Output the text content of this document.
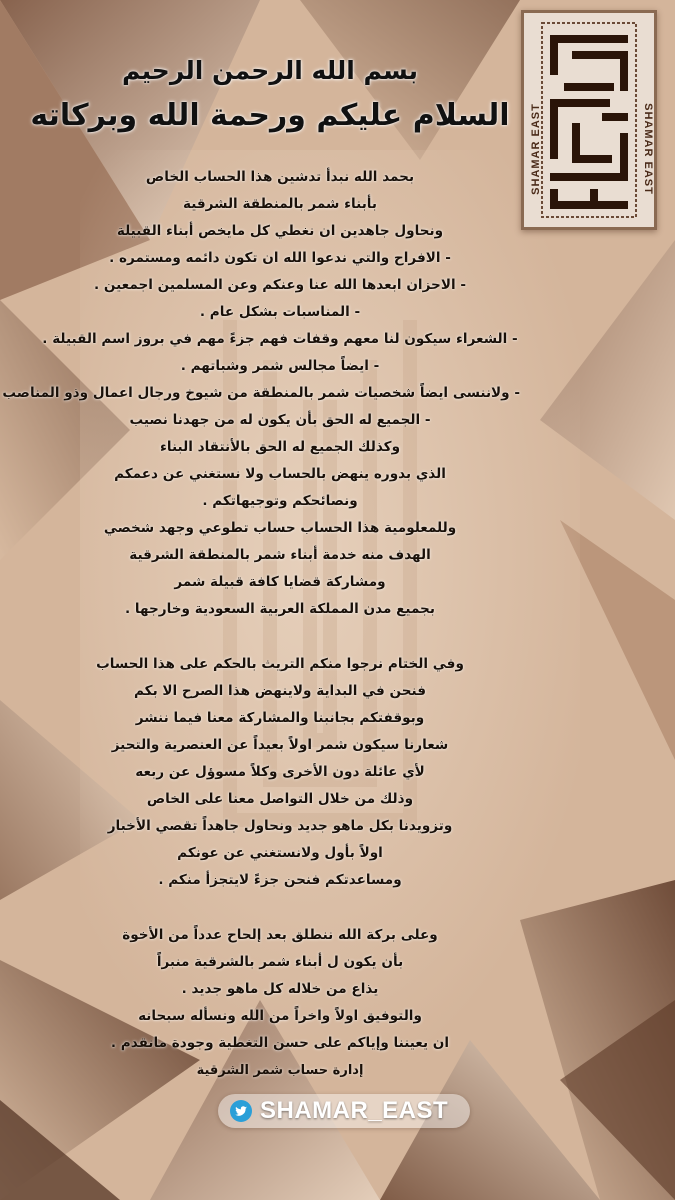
SHAMAR EAST	SHAMAR EAST
بسم الله الرحمن الرحيم
السلام عليكم ورحمة الله وبركاته
بحمد الله نبدأ تدشين هذا الحساب الخاص
بأبناء شمر بالمنطقة الشرقية
ونحاول جاهدين ان نغطي كل مايخص أبناء القبيلة
- الافراح والتي ندعوا الله ان تكون دائمه ومستمره .
- الاحزان ابعدها الله عنا وعنكم وعن المسلمين اجمعين .
- المناسبات بشكل عام .
- الشعراء سيكون لنا معهم وقفات فهم جزءً مهم في بروز اسم القبيلة .
- ايضاً مجالس شمر وشباتهم .
- ولاننسى ايضاً شخصيات شمر بالمنطقة من شيوخ ورجال اعمال وذو المناصب
- الجميع له الحق بأن يكون له من جهدنا نصيب
وكذلك الجميع له الحق بالأنتقاد البناء
الذي بدوره ينهض بالحساب ولا نستغني عن دعمكم
ونصائحكم وتوجيهاتكم .
وللمعلومية هذا الحساب حساب تطوعي وجهد شخصي
الهدف منه خدمة أبناء شمر بالمنطقة الشرقية
ومشاركة قضايا كافة قبيلة شمر
بجميع مدن المملكة العربية السعودية وخارجها .
وفي الختام نرجوا منكم التريث بالحكم على هذا الحساب
فنحن في البداية ولاينهض هذا الصرح الا بكم
وبوقفتكم بجانبنا والمشاركة معنا فيما ننشر
شعارنا سيكون شمر اولاً بعيداً عن العنصرية والتحيز
لأي عائلة دون الأخرى وكلاً مسوؤل عن ربعه
وذلك من خلال التواصل معنا على الخاص
وتزويدنا بكل ماهو جديد ونحاول جاهداً تقصي الأخبار
اولاً بأول ولانستغني عن عونكم
ومساعدتكم فنحن جزءً لايتجزأ منكم .
وعلى بركة الله ننطلق بعد إلحاح عدداً من الأخوة
بأن يكون ل أبناء شمر بالشرقية منبراً
يذاع من خلاله كل ماهو جديد .
والتوفيق اولاً واخراً من الله ونسأله سبحانه
ان يعيننا وإياكم على حسن التغطية وجودة مانقدم .
إدارة حساب شمر الشرقية
SHAMAR_EAST
